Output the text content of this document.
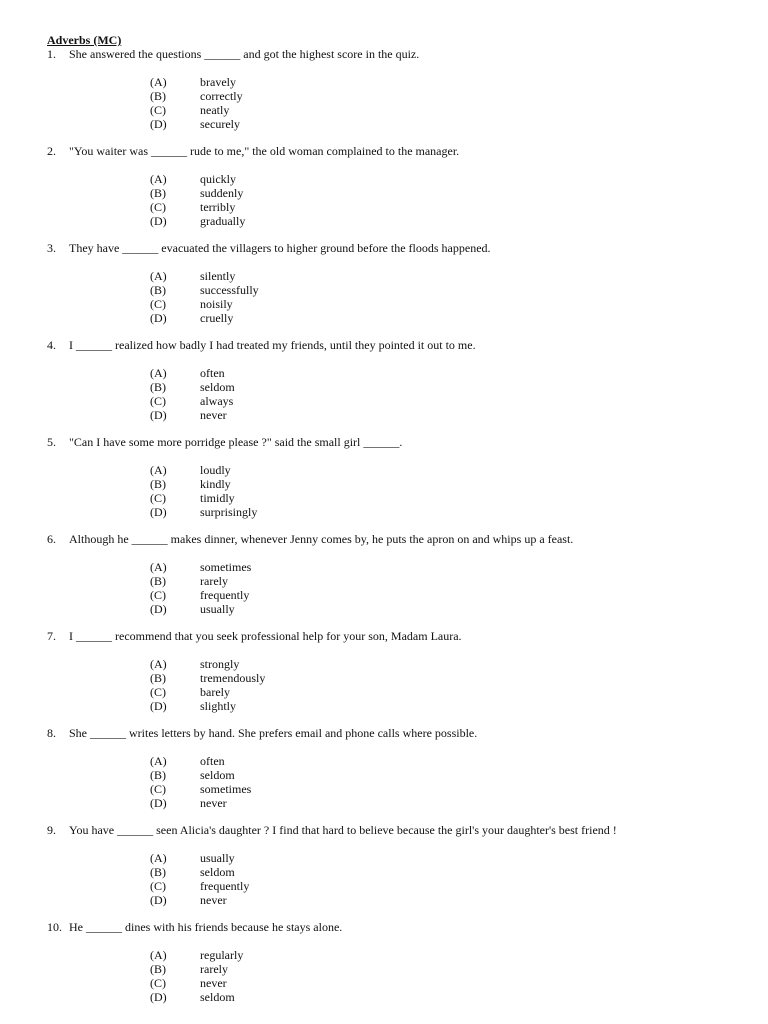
Adverbs (MC)
1. She answered the questions ______ and got the highest score in the quiz.
(A)	bravely
(B)	correctly
(C)	neatly
(D)	securely
2. "You waiter was ______ rude to me," the old woman complained to the manager.
(A)	quickly
(B)	suddenly
(C)	terribly
(D)	gradually
3. They have ______ evacuated the villagers to higher ground before the floods happened.
(A)	silently
(B)	successfully
(C)	noisily
(D)	cruelly
4. I ______ realized how badly I had treated my friends, until they pointed it out to me.
(A)	often
(B)	seldom
(C)	always
(D)	never
5. "Can I have some more porridge please ?" said the small girl ______.
(A)	loudly
(B)	kindly
(C)	timidly
(D)	surprisingly
6. Although he ______ makes dinner, whenever Jenny comes by, he puts the apron on and whips up a feast.
(A)	sometimes
(B)	rarely
(C)	frequently
(D)	usually
7. I ______ recommend that you seek professional help for your son, Madam Laura.
(A)	strongly
(B)	tremendously
(C)	barely
(D)	slightly
8. She ______ writes letters by hand. She prefers email and phone calls where possible.
(A)	often
(B)	seldom
(C)	sometimes
(D)	never
9. You have ______ seen Alicia's daughter ? I find that hard to believe because the girl's your daughter's best friend !
(A)	usually
(B)	seldom
(C)	frequently
(D)	never
10. He ______ dines with his friends because he stays alone.
(A)	regularly
(B)	rarely
(C)	never
(D)	seldom
